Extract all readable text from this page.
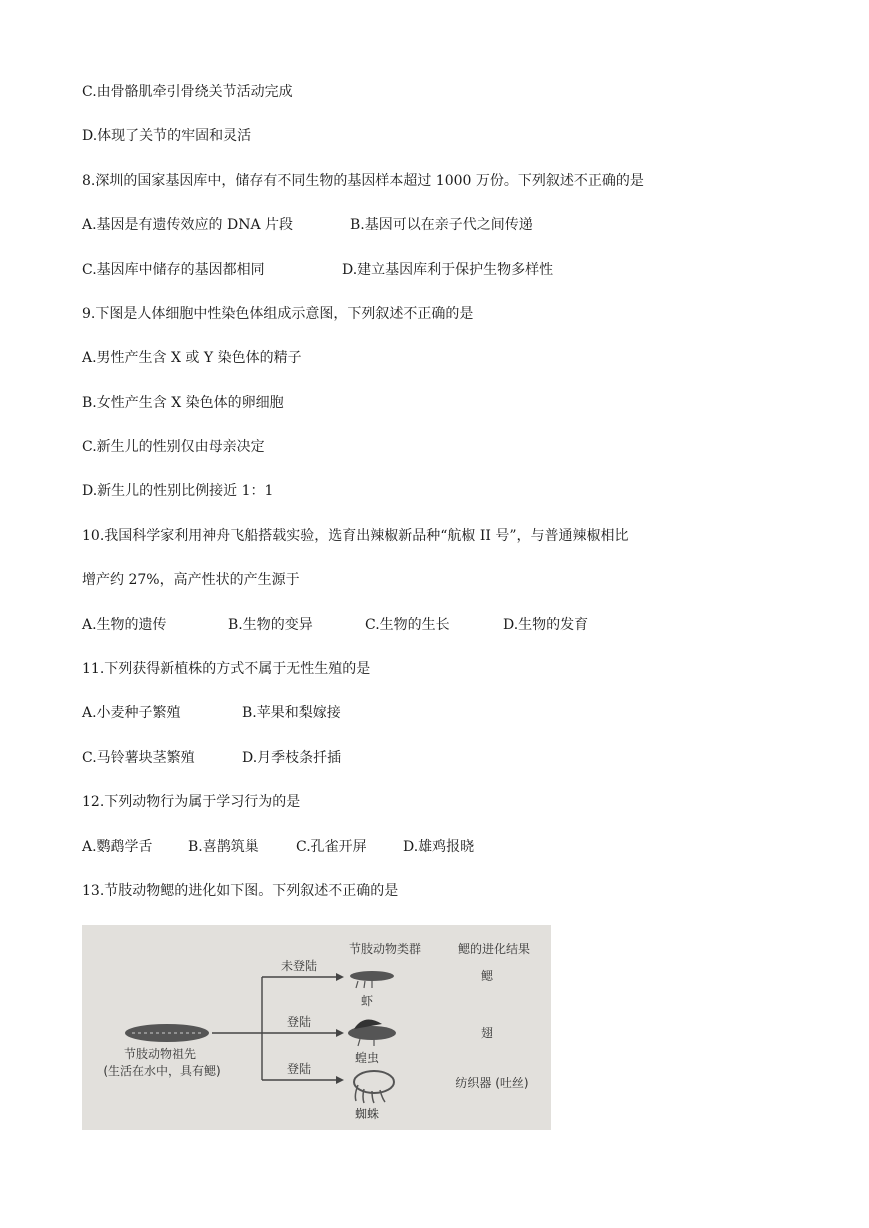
C.由骨骼肌牵引骨绕关节活动完成
D.体现了关节的牢固和灵活
8.深圳的国家基因库中，储存有不同生物的基因样本超过 1000 万份。下列叙述不正确的是
A.基因是有遗传效应的 DNA 片段	B.基因可以在亲子代之间传递
C.基因库中储存的基因都相同	D.建立基因库利于保护生物多样性
9.下图是人体细胞中性染色体组成示意图，下列叙述不正确的是
A.男性产生含 X 或 Y 染色体的精子
B.女性产生含 X 染色体的卵细胞
C.新生儿的性别仅由母亲决定
D.新生儿的性别比例接近 1：1
10.我国科学家利用神舟飞船搭载实验，选育出辣椒新品种“航椒 II 号”，与普通辣椒相比
增产约 27%，高产性状的产生源于
A.生物的遗传	B.生物的变异	C.生物的生长	D.生物的发育
11.下列获得新植株的方式不属于无性生殖的是
A.小麦种子繁殖	B.苹果和梨嫁接
C.马铃薯块茎繁殖	D.月季枝条扦插
12.下列动物行为属于学习行为的是
A.鹦鹉学舌	B.喜鹊筑巢	C.孔雀开屏	D.雄鸡报晓
13.节肢动物鳃的进化如下图。下列叙述不正确的是
节肢动物类群	鳃的进化结果
节肢动物祖先
(生活在水中，具有鳃)
未登陆
登陆
登陆
虾
鳃
蝗虫
翅
蜘蛛
纺织器 (吐丝)
